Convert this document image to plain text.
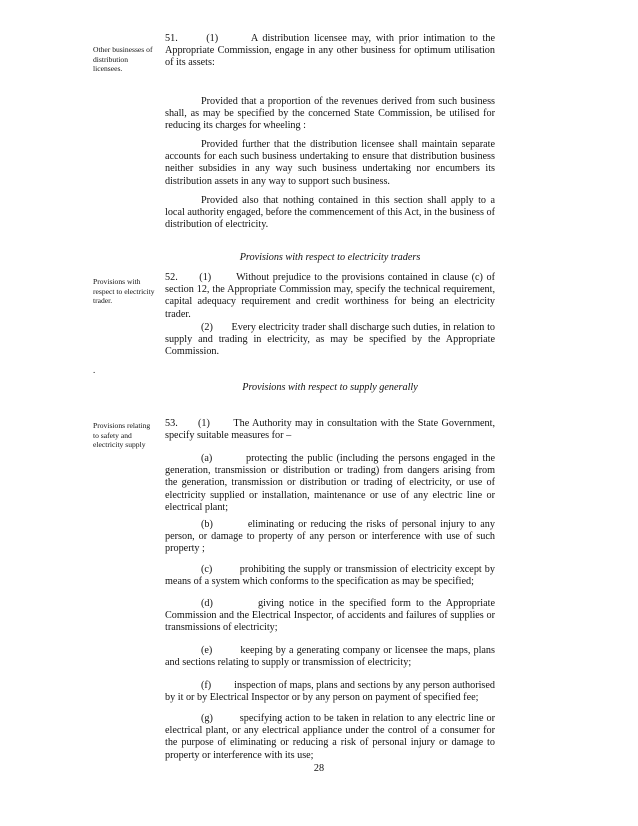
Other businesses of distribution licensees.

51.      (1)       A distribution licensee may, with prior intimation to the Appropriate Commission, engage in any other business for optimum utilisation of its assets:

Provided that a proportion of the revenues derived from such business shall, as may be specified by the concerned State Commission, be utilised for reducing its charges for wheeling :

Provided further that the distribution licensee shall maintain separate accounts for each such business undertaking to ensure that distribution business neither subsidies in any way such business undertaking nor encumbers its distribution assets in any way to support such business.

Provided also that nothing contained in this section shall apply to a local authority engaged, before the commencement of this Act, in the business of distribution of electricity.

Provisions with respect to electricity traders
Provisions with respect to electricity trader.

52.      (1)       Without prejudice to the provisions contained in clause (c) of section 12, the Appropriate Commission may, specify the technical requirement, capital adequacy requirement and credit worthiness for being an electricity trader.

(2)       Every electricity trader shall discharge such duties, in relation to supply and trading in electricity, as may be specified by the Appropriate Commission.

.
Provisions with respect to supply generally
Provisions relating to safety and electricity supply

53.      (1)       The Authority may in consultation with the State Government, specify suitable measures for –

(a)         protecting the public (including the persons engaged in the generation, transmission or distribution or trading) from dangers arising from the generation, transmission or distribution or trading of electricity, or use of electricity supplied or installation, maintenance or use of any electric line or electrical plant;

(b)         eliminating or reducing the risks of personal injury to any person, or damage to property of any person or interference with use of such property ;

(c)         prohibiting the supply or transmission of electricity except by means of a system which conforms to the specification as may be specified;

(d)         giving notice in the specified form to the Appropriate Commission and the Electrical Inspector, of accidents and failures of supplies or transmissions of electricity;

(e)         keeping by a generating company or licensee the maps, plans and sections relating to supply or transmission of electricity;

(f)         inspection of maps, plans and sections by any person authorised by it or by Electrical Inspector or by any person on payment of specified fee;

(g)         specifying action to be taken in relation to any electric line or electrical plant, or any electrical appliance under the control of a consumer for the purpose of eliminating or reducing a risk of personal injury or damage to property or interference with its use;

28
